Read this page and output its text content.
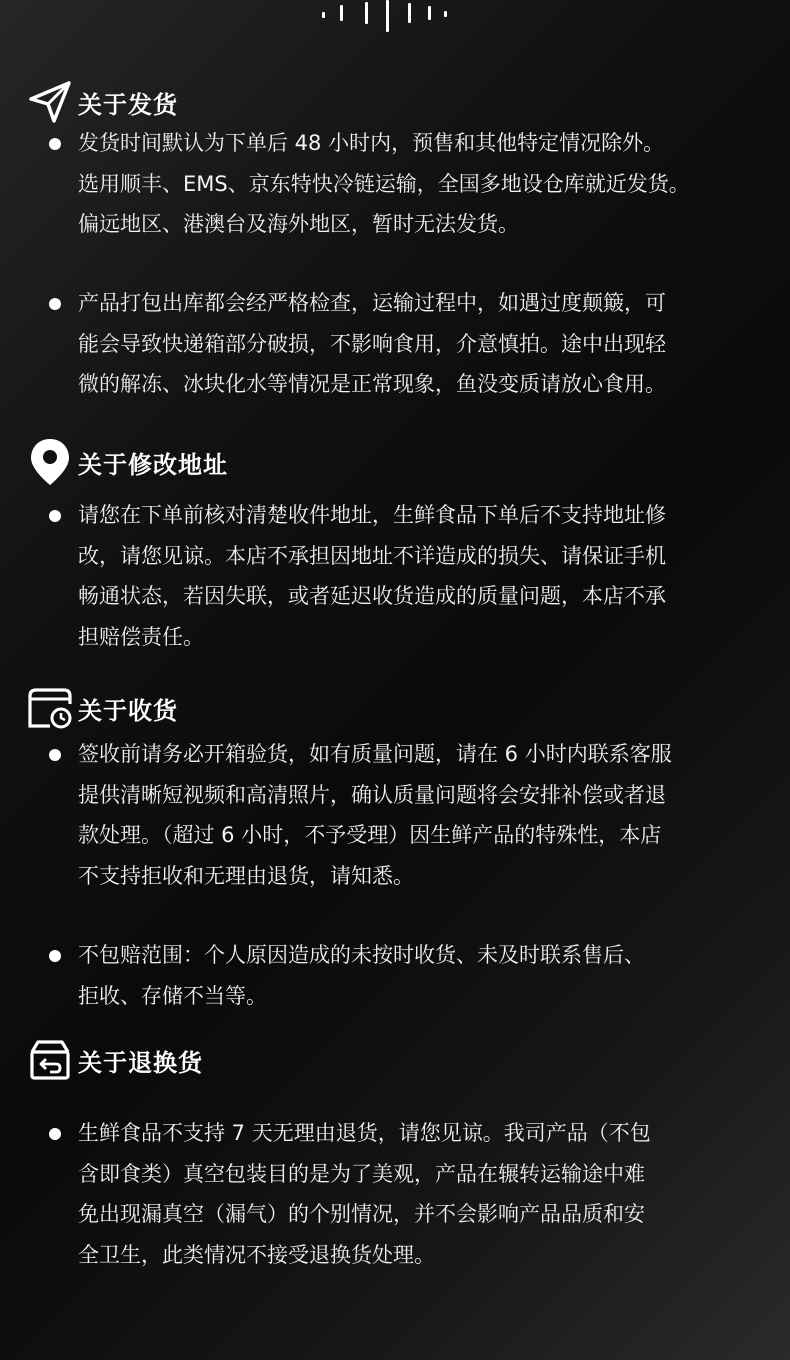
关于发货
发货时间默认为下单后 48 小时内，预售和其他特定情况除外。
选用顺丰、EMS、京东特快冷链运输，全国多地设仓库就近发货。
偏远地区、港澳台及海外地区，暂时无法发货。
产品打包出库都会经严格检查，运输过程中，如遇过度颠簸，可
能会导致快递箱部分破损，不影响食用，介意慎拍。途中出现轻
微的解冻、冰块化水等情况是正常现象，鱼没变质请放心食用。
关于修改地址
请您在下单前核对清楚收件地址，生鲜食品下单后不支持地址修
改，请您见谅。本店不承担因地址不详造成的损失、请保证手机
畅通状态，若因失联，或者延迟收货造成的质量问题，本店不承
担赔偿责任。
关于收货
签收前请务必开箱验货，如有质量问题，请在 6 小时内联系客服
提供清晰短视频和高清照片，确认质量问题将会安排补偿或者退
款处理。（超过 6 小时，不予受理）因生鲜产品的特殊性，本店
不支持拒收和无理由退货，请知悉。
不包赔范围：个人原因造成的未按时收货、未及时联系售后、
拒收、存储不当等。
关于退换货
生鲜食品不支持 7 天无理由退货，请您见谅。我司产品（不包
含即食类）真空包装目的是为了美观，产品在辗转运输途中难
免出现漏真空（漏气）的个别情况，并不会影响产品品质和安
全卫生，此类情况不接受退换货处理。
